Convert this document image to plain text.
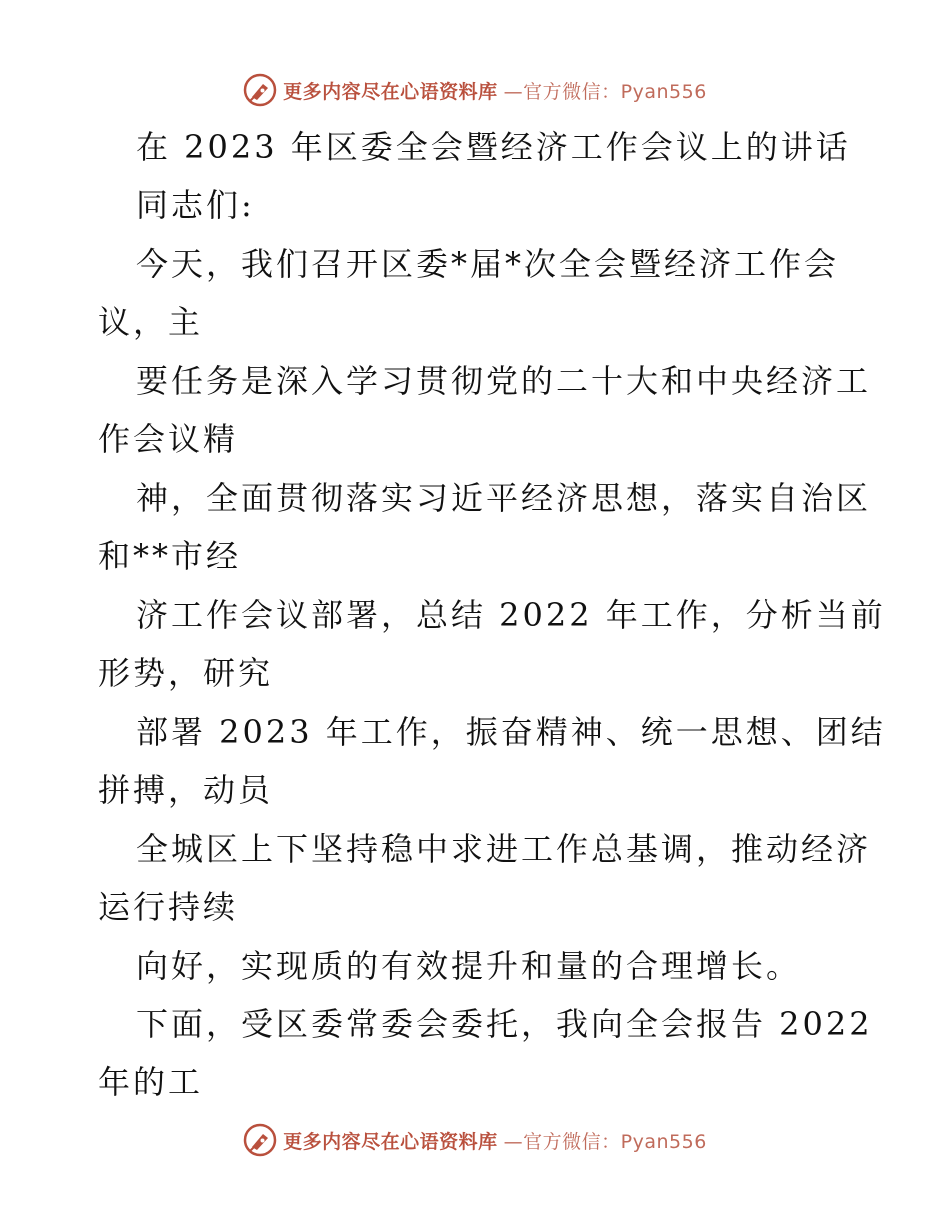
更多内容尽在心语资料库 —官方微信：Pyan556
在 2023 年区委全会暨经济工作会议上的讲话
同志们:
今天，我们召开区委*届*次全会暨经济工作会
议，主
要任务是深入学习贯彻党的二十大和中央经济工
作会议精
神，全面贯彻落实习近平经济思想，落实自治区
和**市经
济工作会议部署，总结 2022 年工作，分析当前
形势，研究
部署 2023 年工作，振奋精神、统一思想、团结
拼搏，动员
全城区上下坚持稳中求进工作总基调，推动经济
运行持续
向好，实现质的有效提升和量的合理增长。
下面，受区委常委会委托，我向全会报告 2022
年的工
更多内容尽在心语资料库 —官方微信：Pyan556
